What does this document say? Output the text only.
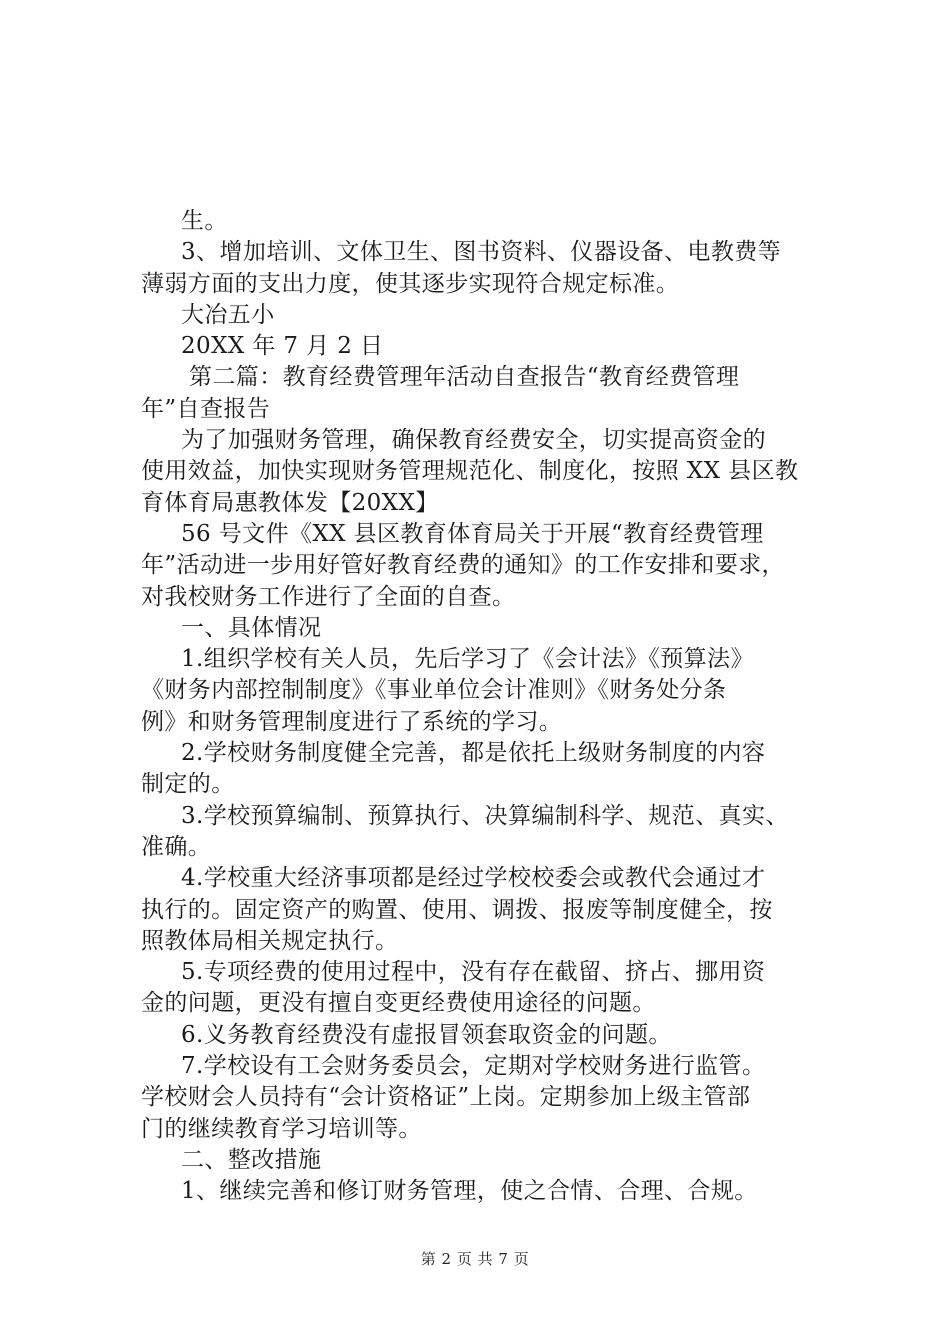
生。
3、增加培训、文体卫生、图书资料、仪器设备、电教费等
薄弱方面的支出力度，使其逐步实现符合规定标准。
大冶五小
20XX 年 7 月 2 日
第二篇：教育经费管理年活动自查报告“教育经费管理
年”自查报告
为了加强财务管理，确保教育经费安全，切实提高资金的
使用效益，加快实现财务管理规范化、制度化，按照 XX 县区教
育体育局惠教体发【20XX】
56 号文件《XX 县区教育体育局关于开展“教育经费管理
年”活动进一步用好管好教育经费的通知》的工作安排和要求，
对我校财务工作进行了全面的自查。
一、具体情况
1.组织学校有关人员，先后学习了《会计法》《预算法》
《财务内部控制制度》《事业单位会计准则》《财务处分条
例》和财务管理制度进行了系统的学习。
2.学校财务制度健全完善，都是依托上级财务制度的内容
制定的。
3.学校预算编制、预算执行、决算编制科学、规范、真实、
准确。
4.学校重大经济事项都是经过学校校委会或教代会通过才
执行的。固定资产的购置、使用、调拨、报废等制度健全，按
照教体局相关规定执行。
5.专项经费的使用过程中，没有存在截留、挤占、挪用资
金的问题，更没有擅自变更经费使用途径的问题。
6.义务教育经费没有虚报冒领套取资金的问题。
7.学校设有工会财务委员会，定期对学校财务进行监管。
学校财会人员持有“会计资格证”上岗。定期参加上级主管部
门的继续教育学习培训等。
二、整改措施
1、继续完善和修订财务管理，使之合情、合理、合规。
第 2 页 共 7 页
